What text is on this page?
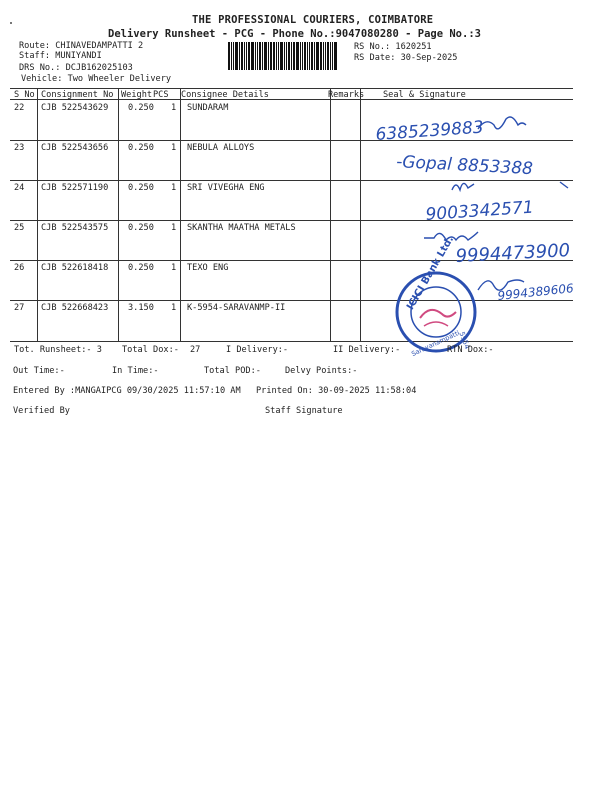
THE PROFESSIONAL COURIERS, COIMBATORE
Delivery Runsheet - PCG - Phone No.:9047080280 - Page No.:3
Route: CHINAVEDAMPATTI 2
Staff: MUNIYANDI
DRS No.: DCJB162025103
Vehicle: Two Wheeler Delivery
RS No.: 1620251
RS Date: 30-Sep-2025
S No Consignment No Weight PCS Consignee Details	Remarks Seal & Signature
22 CJB 522543629 0.250 1 SUNDARAM
23 CJB 522543656 0.250 1 NEBULA ALLOYS
24 CJB 522571190 0.250 1 SRI VIVEGHA ENG
25 CJB 522543575 0.250 1 SKANTHA MAATHA METALS
26 CJB 522618418 0.250 1 TEXO ENG
27 CJB 522668423 3.150 1 K-5954-SARAVANMP-II	ICICI Bank Ltd.
Saravanampatti
5954
6385239883
-Gopal 8853388
9003342571
9994473900
9994389606
Tot. Runsheet:- 3 Total Dox:- 27	I Delivery:-	II Delivery:-	RTN Dox:-
Out Time:-	In Time:-	Total POD:-	Delvy Points:-
Entered By :MANGAIPCG 09/30/2025 11:57:10 AM Printed On: 30-09-2025 11:58:04
Verified By	Staff Signature
